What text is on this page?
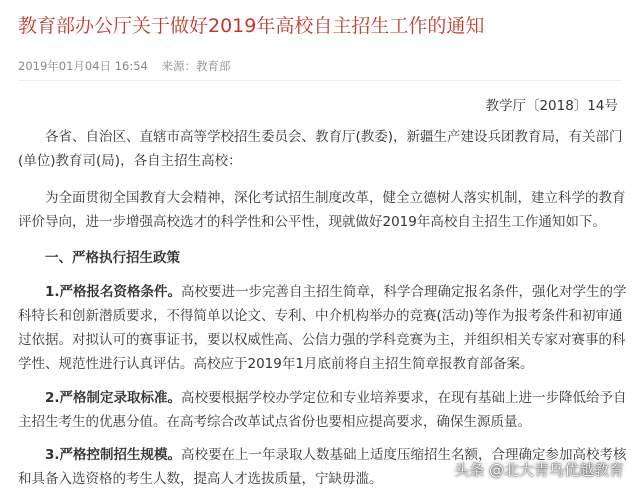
教育部办公厅关于做好2019年高校自主招生工作的通知
2019年01月04日 16:54 来源：教育部
教学厅〔2018〕14号
各省、自治区、直辖市高等学校招生委员会、教育厅(教委)，新疆生产建设兵团教育局，有关部门
(单位)教育司(局)，各自主招生高校：
为全面贯彻全国教育大会精神，深化考试招生制度改革，健全立德树人落实机制，建立科学的教育
评价导向，进一步增强高校选才的科学性和公平性，现就做好2019年高校自主招生工作通知如下。
一、严格执行招生政策
1.严格报名资格条件。高校要进一步完善自主招生简章，科学合理确定报名条件，强化对学生的学
科特长和创新潜质要求，不得简单以论文、专利、中介机构举办的竞赛(活动)等作为报考条件和初审通
过依据。对拟认可的赛事证书，要以权威性高、公信力强的学科竞赛为主，并组织相关专家对赛事的科
学性、规范性进行认真评估。高校应于2019年1月底前将自主招生简章报教育部备案。
2.严格制定录取标准。高校要根据学校办学定位和专业培养要求，在现有基础上进一步降低给予自
主招生考生的优惠分值。在高考综合改革试点省份也要相应提高要求，确保生源质量。
3.严格控制招生规模。高校要在上一年录取人数基础上适度压缩招生名额，合理确定参加高校考核
和具备入选资格的考生人数，提高人才选拔质量，宁缺毋滥。	头条 @北大青鸟优越教育
